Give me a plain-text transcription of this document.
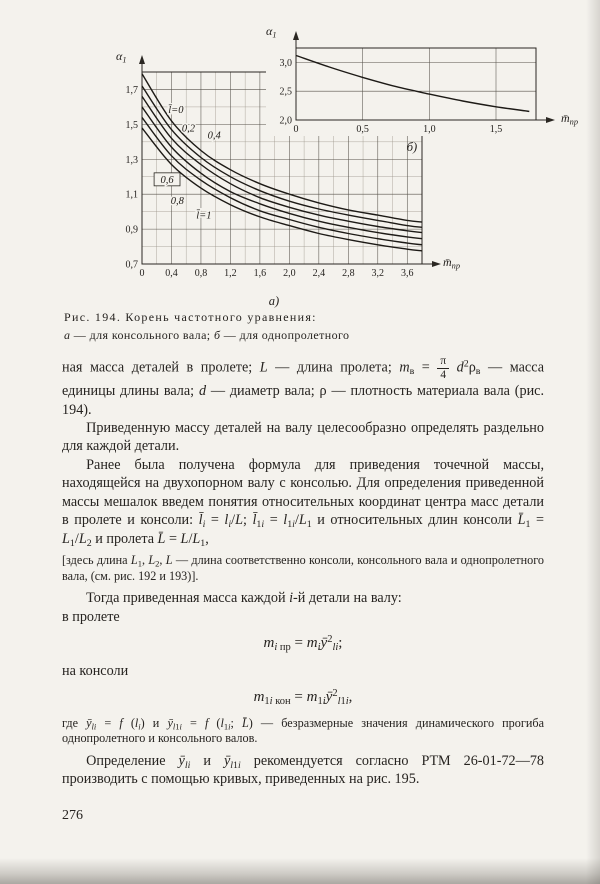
$\alpha_1$
0 0,4 0,8 1,2 1,6 2,0 2,4 2,8 3,2 3,6
0,7
0,9
1,1
1,3
1,5
1,7
l̄=0
0,2
0,4
0,6
0,8
l̄=1
$m̄_{пр}$
а)
$\alpha_1$
0	0,5	1,0	1,5
2,0
2,5
3,0
$m̄_{пр}$
б)
Рис. 194. Корень частотного уравнения:
а — для консольного вала; б — для однопролетного

ная масса деталей в пролете; L — длина пролета; $m_в = \frac{\pi}{4} d^2\rho_в$ — масса единицы длины вала; d — диаметр вала; ρ — плотность материала вала (рис. 194).

Приведенную массу деталей на валу целесообразно определять раздельно для каждой детали.

Ранее была получена формула для приведения точечной массы, находящейся на двухопорном валу с консолью. Для определения приведенной массы мешалок введем понятия относительных координат центра масс детали в пролете и консоли: $l̄_i = l_i/L$; $l̄_{1i} = l_{1i}/L_1$ и относительных длин консоли $L̄_1 = L_1/L_2$ и пролета L̄ = $L/L_1$,

[здесь длина $L_1$, $L_2$, L — длина соответственно консоли, консольного вала и однопролетного вала, (см. рис. 192 и 193)].

Тогда приведенная масса каждой i-й детали на валу:

в пролете

$m_{i пр}$ = $m_iȳ^2_{li}$;

на консоли

$m_{1i кон}$ = $m_{1i}ȳ^2_{l1i}$,

где $ȳ_{li} = f$ $(l_i)$ и $ȳ_{l1i} = f$ ($l_{1i}$; L̄) — безразмерные значения динамического прогиба однопролетного и консольного валов.

Определение $ȳ_{li}$ и $ȳ_{l1i}$ рекомендуется согласно РТМ 26-01-72—78 производить с помощью кривых, приведенных на рис. 195.

276
